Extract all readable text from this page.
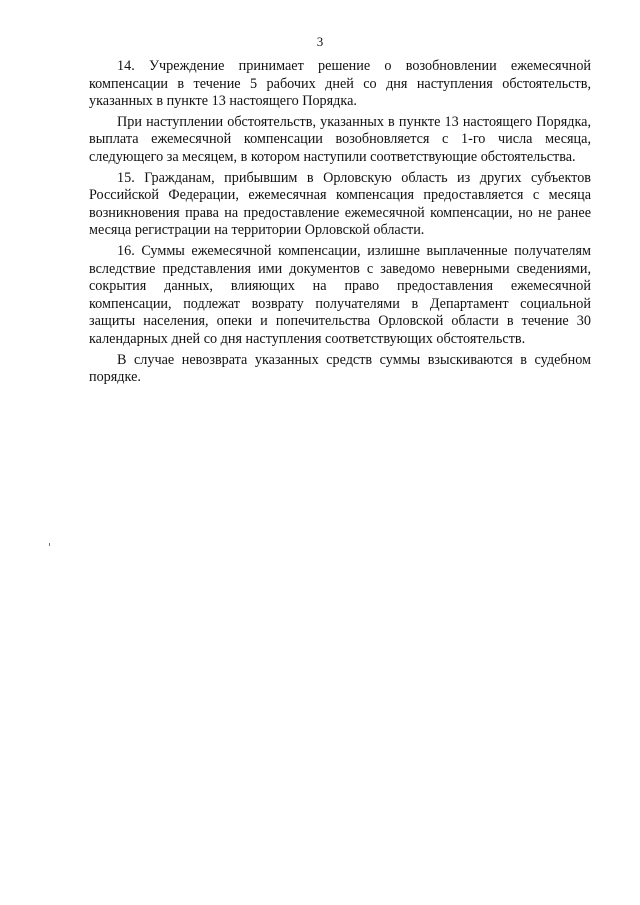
3

14. Учреждение принимает решение о возобновлении ежемесячной компенсации в течение 5 рабочих дней со дня наступления обстоятельств, указанных в пункте 13 настоящего Порядка.

При наступлении обстоятельств, указанных в пункте 13 настоящего Порядка, выплата ежемесячной компенсации возобновляется с 1-го числа месяца, следующего за месяцем, в котором наступили соответствующие обстоятельства.

15. Гражданам, прибывшим в Орловскую область из других субъектов Российской Федерации, ежемесячная компенсация предоставляется с месяца возникновения права на предоставление ежемесячной компенсации, но не ранее месяца регистрации на территории Орловской области.

16. Суммы ежемесячной компенсации, излишне выплаченные получателям вследствие представления ими документов с заведомо неверными сведениями, сокрытия данных, влияющих на право предоставления ежемесячной компенсации, подлежат возврату получателями в Департамент социальной защиты населения, опеки и попечительства Орловской области в течение 30 календарных дней со дня наступления соответствующих обстоятельств.

В случае невозврата указанных средств суммы взыскиваются в судебном порядке.
